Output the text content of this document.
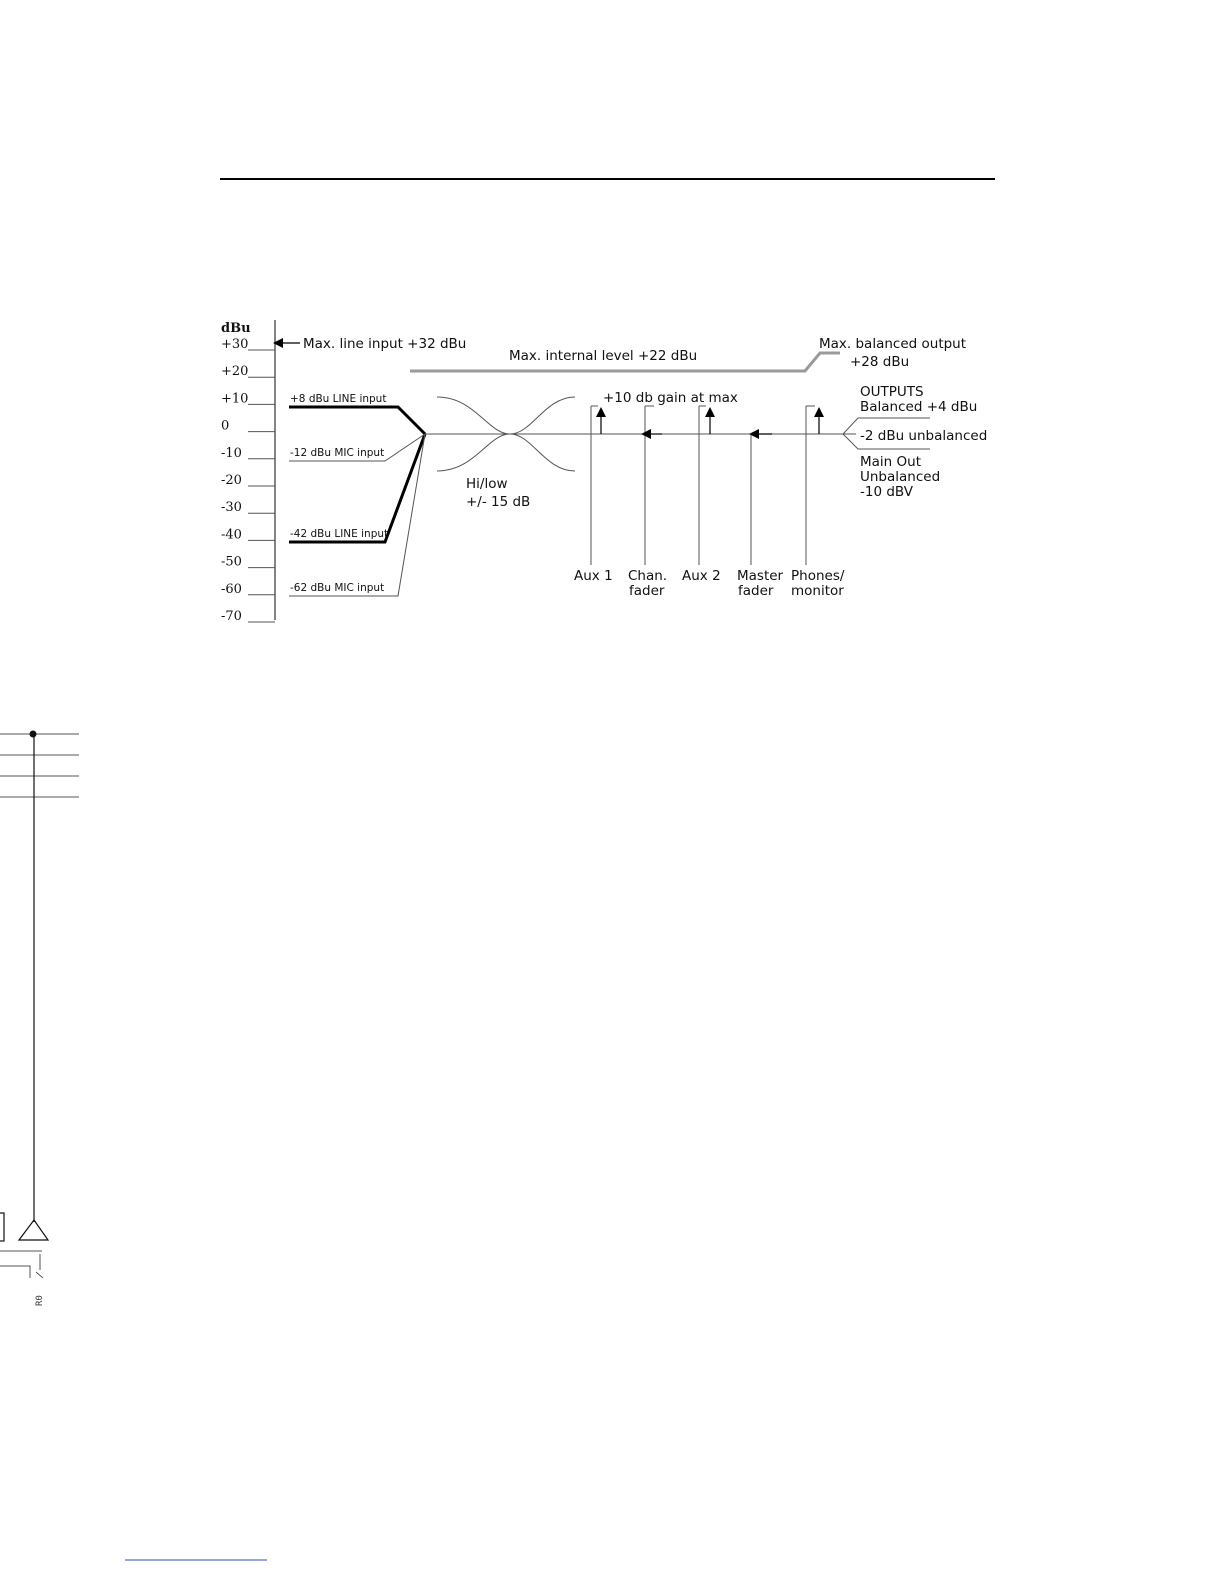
dBu
+30
+20
+10
0
-10
-20
-30
-40
-50
-60
-70
Max. line input +32 dBu
Max. internal level +22 dBu
Max. balanced output
+28 dBu
+8 dBu LINE input
-12 dBu MIC input
-42 dBu LINE input
-62 dBu MIC input
Hi/low
+/- 15 dB
+10 db gain at max	OUTPUTS
Balanced +4 dBu
-2 dBu unbalanced
Main Out
Unbalanced
-10 dBV
Aux 1 Chan.
fader
Aux 2 Master
fader
Phones/
monitor
R0
